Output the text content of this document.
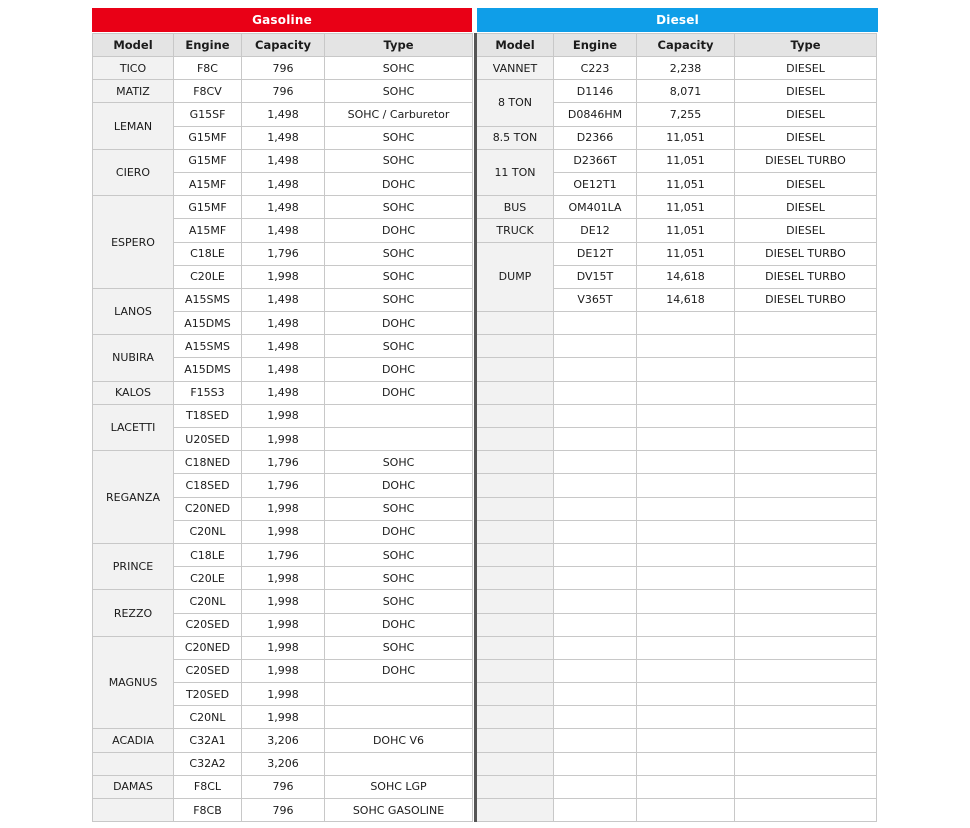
Gasoline
Model	Engine	Capacity	Type
TICO	F8C	796	SOHC
MATIZ	F8CV	796	SOHC
LEMAN	G15SF	1,498	SOHC / Carburetor
	G15MF	1,498	SOHC
CIERO	G15MF	1,498	SOHC
	A15MF	1,498	DOHC
ESPERO	G15MF	1,498	SOHC
	A15MF	1,498	DOHC
	C18LE	1,796	SOHC
	C20LE	1,998	SOHC
LANOS	A15SMS	1,498	SOHC
	A15DMS	1,498	DOHC
NUBIRA	A15SMS	1,498	SOHC
	A15DMS	1,498	DOHC
KALOS	F15S3	1,498	DOHC
LACETTI	T18SED	1,998	
	U20SED	1,998	
REGANZA	C18NED	1,796	SOHC
	C18SED	1,796	DOHC
	C20NED	1,998	SOHC
	C20NL	1,998	DOHC
PRINCE	C18LE	1,796	SOHC
	C20LE	1,998	SOHC
REZZO	C20NL	1,998	SOHC
	C20SED	1,998	DOHC
MAGNUS	C20NED	1,998	SOHC
	C20SED	1,998	DOHC
	T20SED	1,998	
	C20NL	1,998	
ACADIA	C32A1	3,206	DOHC V6
	C32A2	3,206	
DAMAS	F8CL	796	SOHC LGP
	F8CB	796	SOHC GASOLINE
Diesel
Model	Engine	Capacity	Type
VANNET	C223	2,238	DIESEL
8 TON	D1146	8,071	DIESEL
	D0846HM	7,255	DIESEL
8.5 TON	D2366	11,051	DIESEL
11 TON	D2366T	11,051	DIESEL TURBO
	OE12T1	11,051	DIESEL
BUS	OM401LA	11,051	DIESEL
TRUCK	DE12	11,051	DIESEL
DUMP	DE12T	11,051	DIESEL TURBO
	DV15T	14,618	DIESEL TURBO
	V365T	14,618	DIESEL TURBO
